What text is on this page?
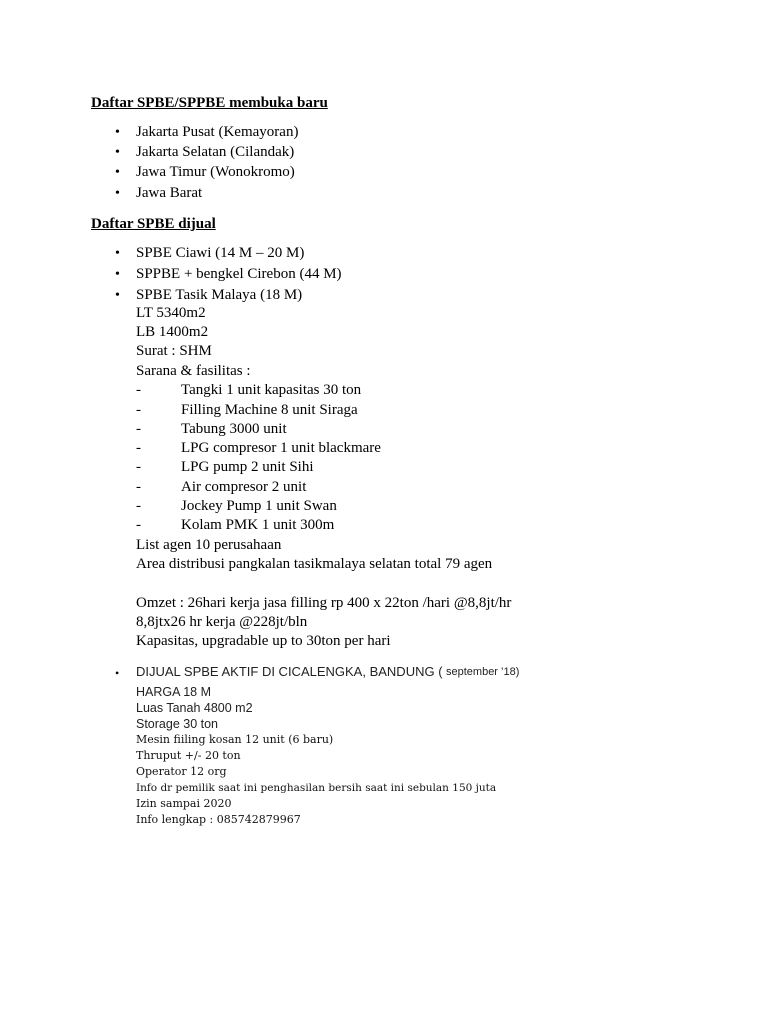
Daftar SPBE/SPPBE membuka baru
• Jakarta Pusat (Kemayoran)
• Jakarta Selatan (Cilandak)
• Jawa Timur (Wonokromo)
• Jawa Barat
Daftar SPBE dijual
• SPBE Ciawi (14 M – 20 M)
• SPPBE + bengkel Cirebon (44 M)
• SPBE Tasik Malaya (18 M)
LT 5340m2
LB 1400m2
Surat : SHM
Sarana & fasilitas :
-	Tangki 1 unit kapasitas 30 ton
-	Filling Machine 8 unit Siraga
-	Tabung 3000 unit
-	LPG compresor 1 unit blackmare
-	LPG pump 2 unit Sihi
-	Air compresor 2 unit
-	Jockey Pump 1 unit Swan
-	Kolam PMK 1 unit 300m
List agen 10 perusahaan
Area distribusi pangkalan tasikmalaya selatan total 79 agen
Omzet : 26hari kerja jasa filling rp 400 x 22ton /hari @8,8jt/hr
8,8jtx26 hr kerja @228jt/bln
Kapasitas, upgradable up to 30ton per hari
• DIJUAL SPBE AKTIF DI CICALENGKA, BANDUNG ( september ’18)
HARGA 18 M
Luas Tanah 4800 m2
Storage 30 ton
Mesin fiiling kosan 12 unit (6 baru)
Thruput +/- 20 ton
Operator 12 org
Info dr pemilik saat ini penghasilan bersih saat ini sebulan 150 juta
Izin sampai 2020
Info lengkap : 085742879967
